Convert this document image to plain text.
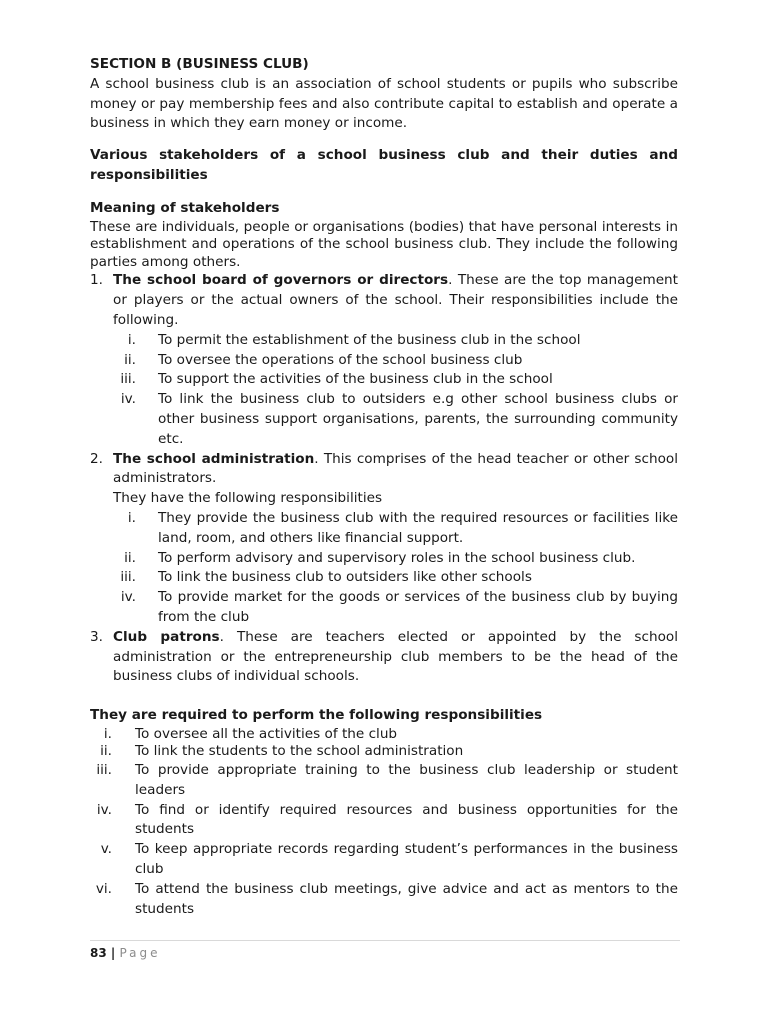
SECTION B (BUSINESS CLUB)

A school business club is an association of school students or pupils who subscribe money or pay membership fees and also contribute capital to establish and operate a business in which they earn money or income.

Various stakeholders of a school business club and their duties and responsibilities

Meaning of stakeholders

These are individuals, people or organisations (bodies) that have personal interests in establishment and operations of the school business club. They include the following parties among others.

1. The school board of governors or directors. These are the top management or players or the actual owners of the school. Their responsibilities include the following.
i. To permit the establishment of the business club in the school
ii. To oversee the operations of the school business club
iii. To support the activities of the business club in the school
iv. To link the business club to outsiders e.g other school business clubs or other business support organisations, parents, the surrounding community etc.
2. The school administration. This comprises of the head teacher or other school administrators.
They have the following responsibilities
i. They provide the business club with the required resources or facilities like land, room, and others like financial support.
ii. To perform advisory and supervisory roles in the school business club.
iii. To link the business club to outsiders like other schools
iv. To provide market for the goods or services of the business club by buying from the club
3. Club patrons. These are teachers elected or appointed by the school administration or the entrepreneurship club members to be the head of the business clubs of individual schools.

They are required to perform the following responsibilities

i. To oversee all the activities of the club
ii. To link the students to the school administration
iii. To provide appropriate training to the business club leadership or student leaders
iv. To find or identify required resources and business opportunities for the students
v. To keep appropriate records regarding student’s performances in the business club
vi. To attend the business club meetings, give advice and act as mentors to the students
83 | Page
